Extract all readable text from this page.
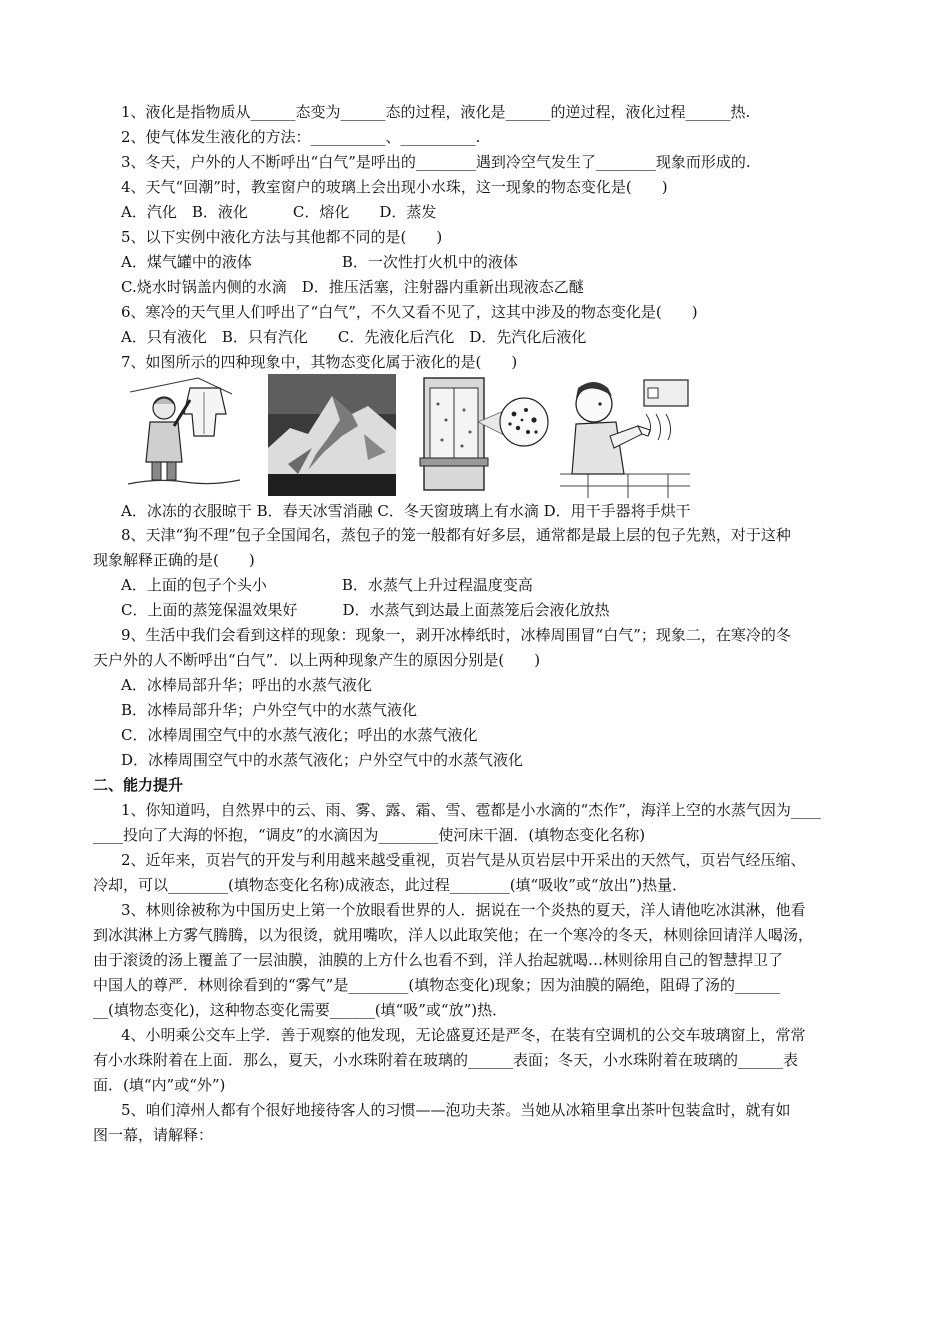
1、液化是指物质从______态变为______态的过程，液化是______的逆过程，液化过程______热.
2、使气体发生液化的方法：__________、__________.
3、冬天，户外的人不断呼出“白气”是呼出的________遇到冷空气发生了________现象而形成的.
4、天气“回潮”时，教室窗户的玻璃上会出现小水珠，这一现象的物态变化是(　　)
A．汽化　B．液化　　　C．熔化　　D．蒸发
5、以下实例中液化方法与其他都不同的是(　　)
A．煤气罐中的液体　　　　　　B．一次性打火机中的液体
C.烧水时锅盖内侧的水滴　D．推压活塞，注射器内重新出现液态乙醚
6、寒冷的天气里人们呼出了“白气”，不久又看不见了，这其中涉及的物态变化是(　　)
A．只有液化　B．只有汽化　　C．先液化后汽化　D．先汽化后液化
7、如图所示的四种现象中，其物态变化属于液化的是(　　)
A．冰冻的衣服晾干 B．春天冰雪消融 C．冬天窗玻璃上有水滴 D．用干手器将手烘干
8、天津“狗不理”包子全国闻名，蒸包子的笼一般都有好多层，通常都是最上层的包子先熟，对于这种
现象解释正确的是(　　)
A．上面的包子个头小　　　　　B．水蒸气上升过程温度变高
C．上面的蒸笼保温效果好　　　D．水蒸气到达最上面蒸笼后会液化放热
9、生活中我们会看到这样的现象：现象一，剥开冰棒纸时，冰棒周围冒“白气”；现象二，在寒冷的冬
天户外的人不断呼出“白气”．以上两种现象产生的原因分别是(　　)
A．冰棒局部升华；呼出的水蒸气液化
B．冰棒局部升华；户外空气中的水蒸气液化
C．冰棒周围空气中的水蒸气液化；呼出的水蒸气液化
D．冰棒周围空气中的水蒸气液化；户外空气中的水蒸气液化
二、能力提升
1、你知道吗，自然界中的云、雨、雾、露、霜、雪、雹都是小水滴的“杰作”，海洋上空的水蒸气因为____
____投向了大海的怀抱，“调皮”的水滴因为________使河床干涸．(填物态变化名称)
2、近年来，页岩气的开发与利用越来越受重视，页岩气是从页岩层中开采出的天然气，页岩气经压缩、
冷却，可以________(填物态变化名称)成液态，此过程________(填“吸收”或“放出”)热量．
3、林则徐被称为中国历史上第一个放眼看世界的人．据说在一个炎热的夏天，洋人请他吃冰淇淋，他看
到冰淇淋上方雾气腾腾，以为很烫，就用嘴吹，洋人以此取笑他；在一个寒冷的冬天，林则徐回请洋人喝汤，
由于滚烫的汤上覆盖了一层油膜，油膜的上方什么也看不到，洋人抬起就喝…林则徐用自己的智慧捍卫了
中国人的尊严．林则徐看到的“雾气”是________(填物态变化)现象；因为油膜的隔绝，阻碍了汤的______
__(填物态变化)，这种物态变化需要______(填“吸”或“放”)热．
4、小明乘公交车上学．善于观察的他发现，无论盛夏还是严冬，在装有空调机的公交车玻璃窗上，常常
有小水珠附着在上面．那么，夏天，小水珠附着在玻璃的______表面；冬天，小水珠附着在玻璃的______表
面．(填“内”或“外”)
5、咱们漳州人都有个很好地接待客人的习惯——泡功夫茶。当她从冰箱里拿出茶叶包装盒时，就有如
图一幕，请解释：
